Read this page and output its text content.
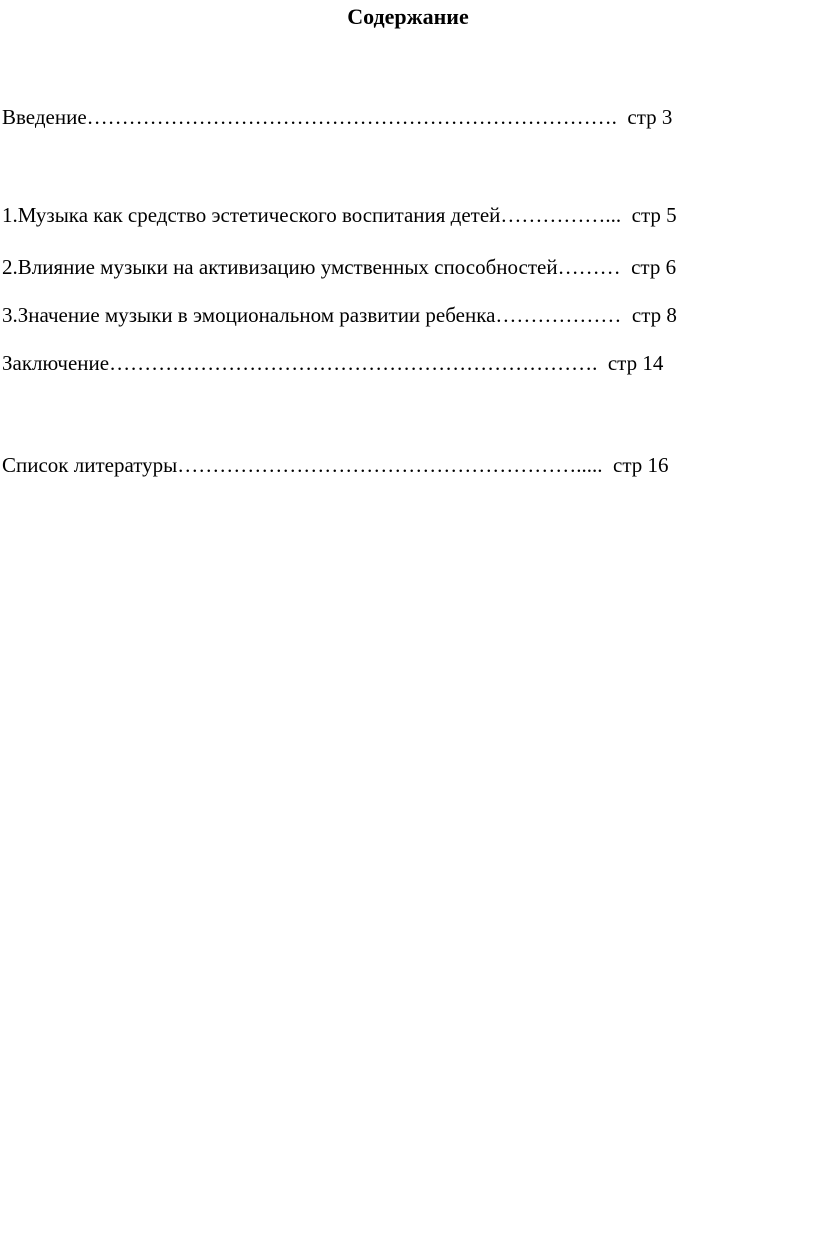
Содержание
Введение………………………………………………………………….  стр 3
1.Музыка как средство эстетического воспитания детей……………...  стр 5
2.Влияние музыки на активизацию умственных способностей………  стр 6
3.Значение музыки в эмоциональном развитии ребенка………………  стр 8
Заключение…………………………………………………………….  стр 14
Список литературы………………………………………………….....  стр 16
